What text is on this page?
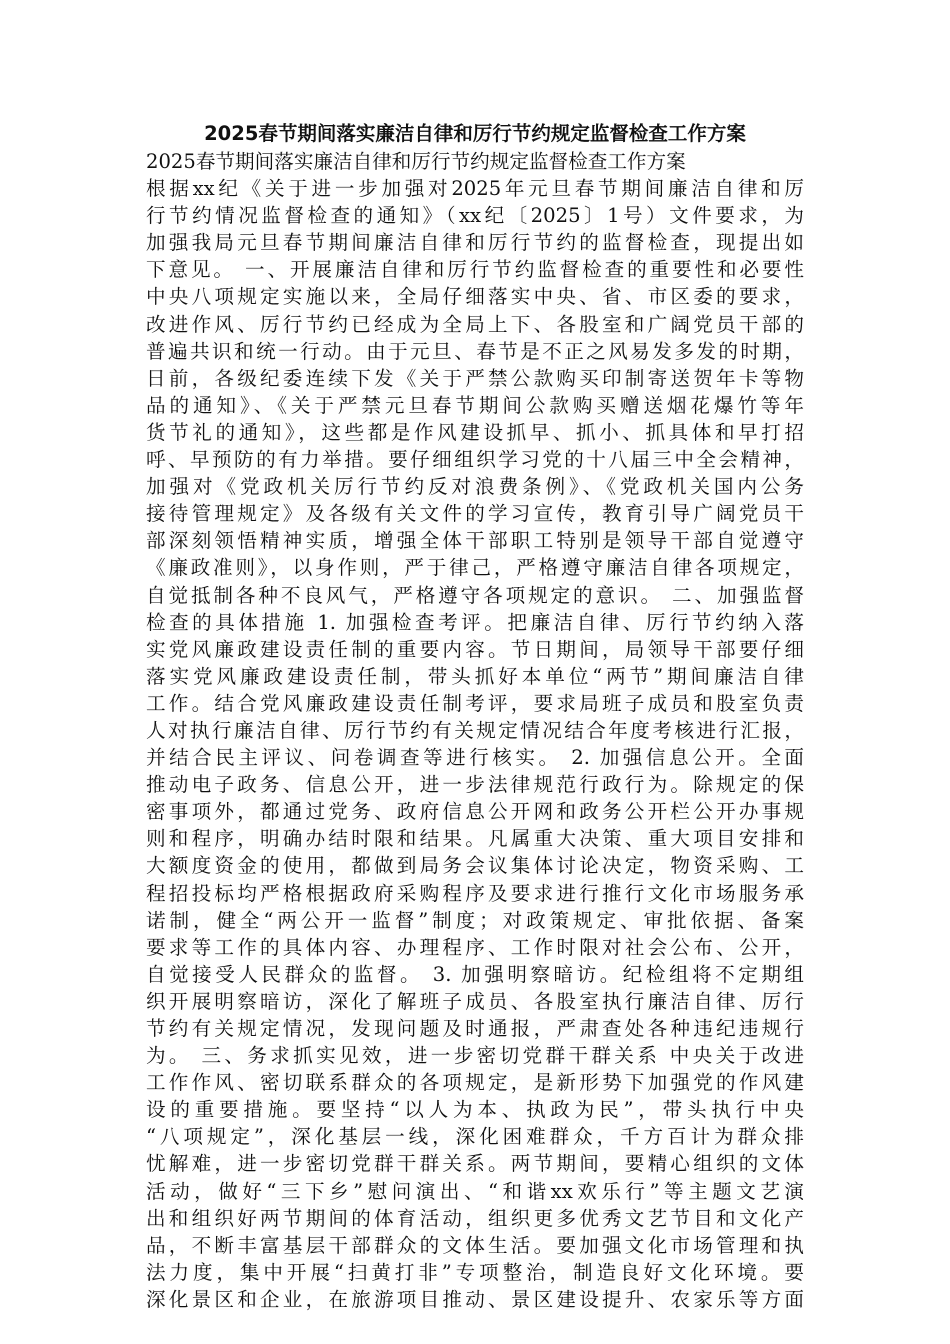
2025春节期间落实廉洁自律和厉行节约规定监督检查工作方案
2025春节期间落实廉洁自律和厉行节约规定监督检查工作方案
根据xx纪《关于进一步加强对2025年元旦春节期间廉洁自律和厉
行节约情况监督检查的通知》（xx纪〔2025〕1号）文件要求，为
加强我局元旦春节期间廉洁自律和厉行节约的监督检查，现提出如
下意见。 一、开展廉洁自律和厉行节约监督检查的重要性和必要性
中央八项规定实施以来，全局仔细落实中央、省、市区委的要求，
改进作风、厉行节约已经成为全局上下、各股室和广阔党员干部的
普遍共识和统一行动。由于元旦、春节是不正之风易发多发的时期，
日前，各级纪委连续下发《关于严禁公款购买印制寄送贺年卡等物
品的通知》、《关于严禁元旦春节期间公款购买赠送烟花爆竹等年
货节礼的通知》，这些都是作风建设抓早、抓小、抓具体和早打招
呼、早预防的有力举措。要仔细组织学习党的十八届三中全会精神，
加强对《党政机关厉行节约反对浪费条例》、《党政机关国内公务
接待管理规定》及各级有关文件的学习宣传，教育引导广阔党员干
部深刻领悟精神实质，增强全体干部职工特别是领导干部自觉遵守
《廉政准则》，以身作则，严于律己，严格遵守廉洁自律各项规定，
自觉抵制各种不良风气，严格遵守各项规定的意识。 二、加强监督
检查的具体措施 1. 加强检查考评。把廉洁自律、厉行节约纳入落
实党风廉政建设责任制的重要内容。节日期间，局领导干部要仔细
落实党风廉政建设责任制，带头抓好本单位“两节”期间廉洁自律
工作。结合党风廉政建设责任制考评，要求局班子成员和股室负责
人对执行廉洁自律、厉行节约有关规定情况结合年度考核进行汇报，
并结合民主评议、问卷调查等进行核实。 2. 加强信息公开。全面
推动电子政务、信息公开，进一步法律规范行政行为。除规定的保
密事项外，都通过党务、政府信息公开网和政务公开栏公开办事规
则和程序，明确办结时限和结果。凡属重大决策、重大项目安排和
大额度资金的使用，都做到局务会议集体讨论决定，物资采购、工
程招投标均严格根据政府采购程序及要求进行推行文化市场服务承
诺制，健全“两公开一监督”制度；对政策规定、审批依据、备案
要求等工作的具体内容、办理程序、工作时限对社会公布、公开，
自觉接受人民群众的监督。 3. 加强明察暗访。纪检组将不定期组
织开展明察暗访，深化了解班子成员、各股室执行廉洁自律、厉行
节约有关规定情况，发现问题及时通报，严肃查处各种违纪违规行
为。 三、务求抓实见效，进一步密切党群干群关系 中央关于改进
工作作风、密切联系群众的各项规定，是新形势下加强党的作风建
设的重要措施。要坚持“以人为本、执政为民”，带头执行中央
“八项规定”，深化基层一线，深化困难群众，千方百计为群众排
忧解难，进一步密切党群干群关系。两节期间，要精心组织的文体
活动，做好“三下乡”慰问演出、“和谐xx欢乐行”等主题文艺演
出和组织好两节期间的体育活动，组织更多优秀文艺节目和文化产
品，不断丰富基层干部群众的文体生活。要加强文化市场管理和执
法力度，集中开展“扫黄打非”专项整治，制造良好文化环境。要
深化景区和企业，在旅游项目推动、景区建设提升、农家乐等方面
